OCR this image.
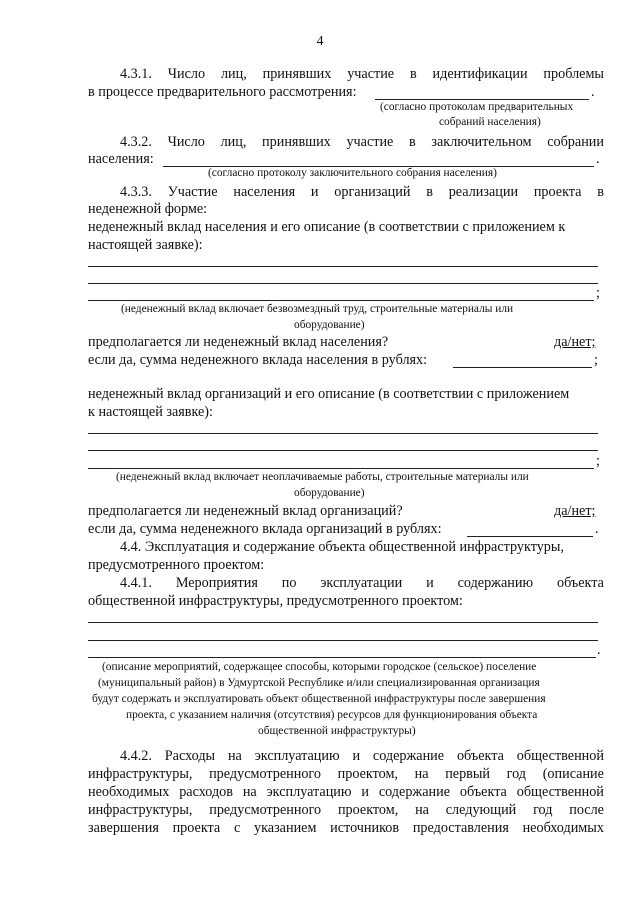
4
4.3.1. Число лиц, принявших участие в идентификации проблемы
в процессе предварительного рассмотрения:	.
(согласно протоколам предварительных
собраний населения)
4.3.2. Число лиц, принявших участие в заключительном собрании
населения:	.
(согласно протоколу заключительного собрания населения)
4.3.3. Участие населения и организаций в реализации проекта в
неденежной форме:
неденежный вклад населения и его описание (в соответствии с приложением к
настоящей заявке):
;
(неденежный вклад включает безвозмездный труд, строительные материалы или
оборудование)
предполагается ли неденежный вклад населения?	да/нет;
если да, сумма неденежного вклада населения в рублях:	;
неденежный вклад организаций и его описание (в соответствии с приложением
к настоящей заявке):
;
(неденежный вклад включает неоплачиваемые работы, строительные материалы или
оборудование)
предполагается ли неденежный вклад организаций?	да/нет;
если да, сумма неденежного вклада организаций в рублях:	.
4.4. Эксплуатация и содержание объекта общественной инфраструктуры,
предусмотренного проектом:
4.4.1. Мероприятия по эксплуатации и содержанию объекта
общественной инфраструктуры, предусмотренного проектом:
.
(описание мероприятий, содержащее способы, которыми городское (сельское) поселение
(муниципальный район) в Удмуртской Республике и/или специализированная организация
будут содержать и эксплуатировать объект общественной инфраструктуры после завершения
проекта, с указанием наличия (отсутствия) ресурсов для функционирования объекта
общественной инфраструктуры)
4.4.2. Расходы на эксплуатацию и содержание объекта общественной
инфраструктуры, предусмотренного проектом, на первый год (описание
необходимых расходов на эксплуатацию и содержание объекта общественной
инфраструктуры, предусмотренного проектом, на следующий год после
завершения проекта с указанием источников предоставления необходимых
